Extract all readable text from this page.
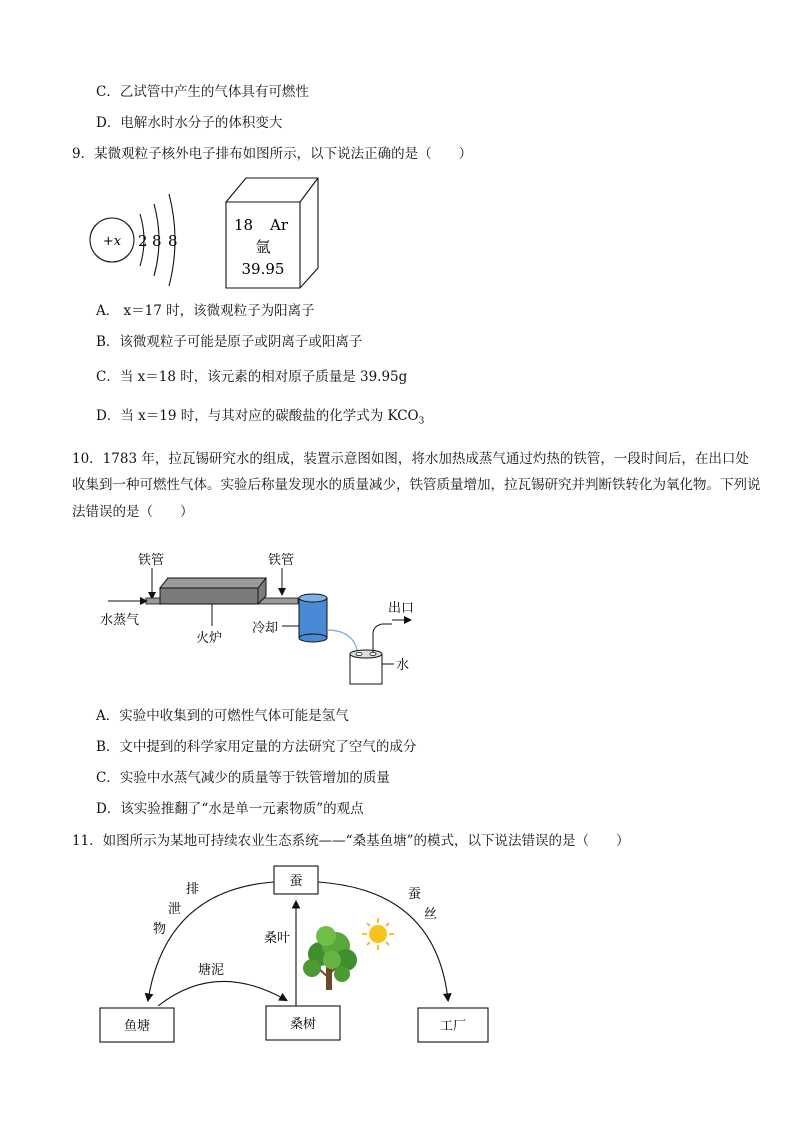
C．乙试管中产生的气体具有可燃性
D．电解水时水分子的体积变大
9．某微观粒子核外电子排布如图所示，以下说法正确的是（　　）
+x 2 8 8
18 Ar
氩
39.95
A． x＝17 时，该微观粒子为阳离子
B．该微观粒子可能是原子或阴离子或阳离子
C．当 x＝18 时，该元素的相对原子质量是 39.95g
D．当 x＝19 时，与其对应的碳酸盐的化学式为 $KCO_3$
10．1783 年，拉瓦锡研究水的组成，装置示意图如图，将水加热成蒸气通过灼热的铁管，一段时间后，在出口处收集到一种可燃性气体。实验后称量发现水的质量减少，铁管质量增加，拉瓦锡研究并判断铁转化为氧化物。下列说法错误的是（　　）
铁管	铁管
水蒸气
火炉
冷却
出口
水
A．实验中收集到的可燃性气体可能是氢气
B．文中提到的科学家用定量的方法研究了空气的成分
C．实验中水蒸气减少的质量等于铁管增加的质量
D．该实验推翻了“水是单一元素物质”的观点
11．如图所示为某地可持续农业生态系统——“桑基鱼塘”的模式，以下说法错误的是（　　）
蚕
鱼塘	桑树	工厂
排
泄
物
蚕
丝
桑叶
塘泥
